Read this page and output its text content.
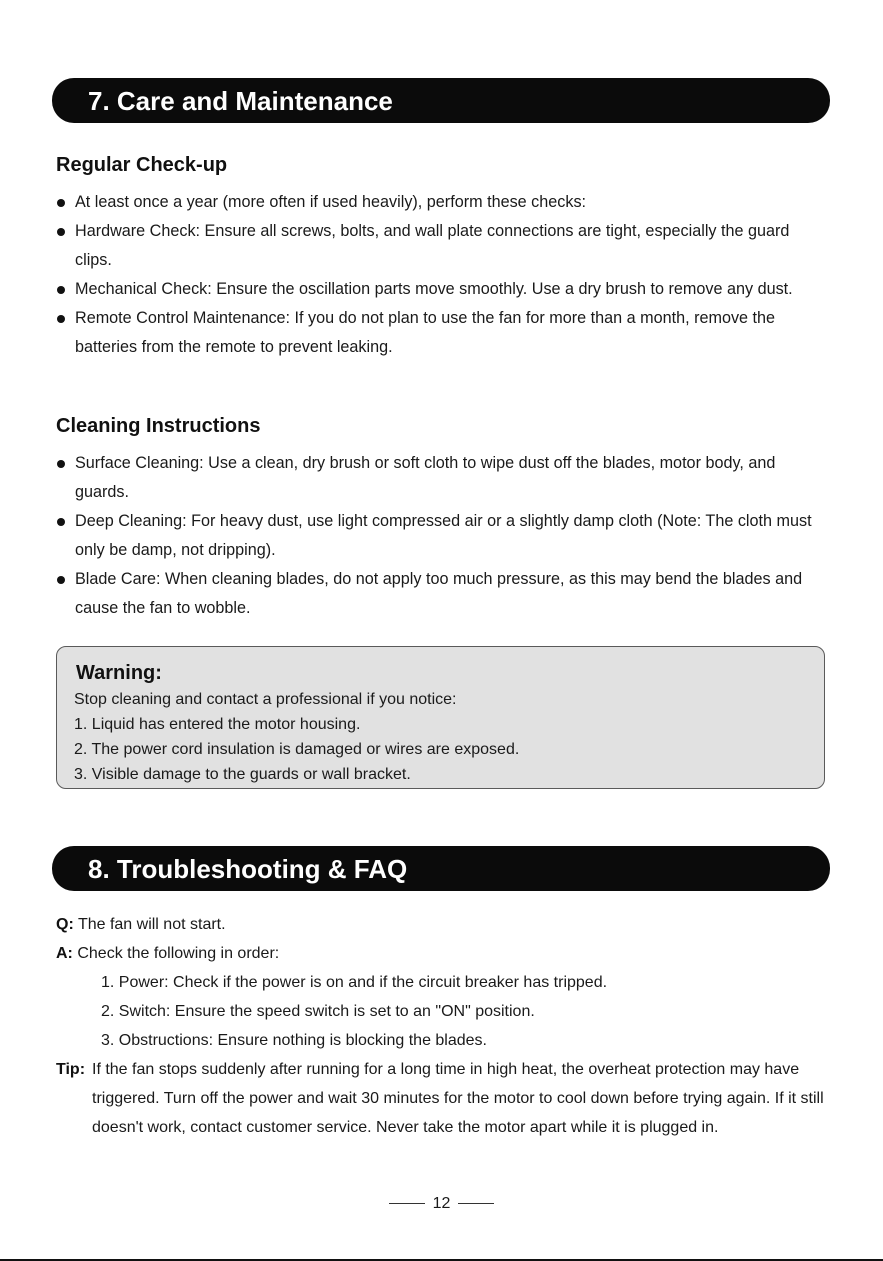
7. Care and Maintenance
Regular Check-up
At least once a year (more often if used heavily), perform these checks:
Hardware Check: Ensure all screws, bolts, and wall plate connections are tight, especially the guard clips.
Mechanical Check: Ensure the oscillation parts move smoothly. Use a dry brush to remove any dust.
Remote Control Maintenance: If you do not plan to use the fan for more than a month, remove the batteries from the remote to prevent leaking.
Cleaning Instructions
Surface Cleaning: Use a clean, dry brush or soft cloth to wipe dust off the blades, motor body, and guards.
Deep Cleaning: For heavy dust, use light compressed air or a slightly damp cloth (Note: The cloth must only be damp, not dripping).
Blade Care: When cleaning blades, do not apply too much pressure, as this may bend the blades and cause the fan to wobble.
Warning:
Stop cleaning and contact a professional if you notice:
1. Liquid has entered the motor housing.
2. The power cord insulation is damaged or wires are exposed.
3. Visible damage to the guards or wall bracket.
8. Troubleshooting & FAQ
Q: The fan will not start.
A: Check the following in order:
1. Power: Check if the power is on and if the circuit breaker has tripped.
2. Switch: Ensure the speed switch is set to an "ON" position.
3. Obstructions: Ensure nothing is blocking the blades.
Tip: If the fan stops suddenly after running for a long time in high heat, the overheat protection may have triggered. Turn off the power and wait 30 minutes for the motor to cool down before trying again. If it still doesn't work, contact customer service. Never take the motor apart while it is plugged in.
12
